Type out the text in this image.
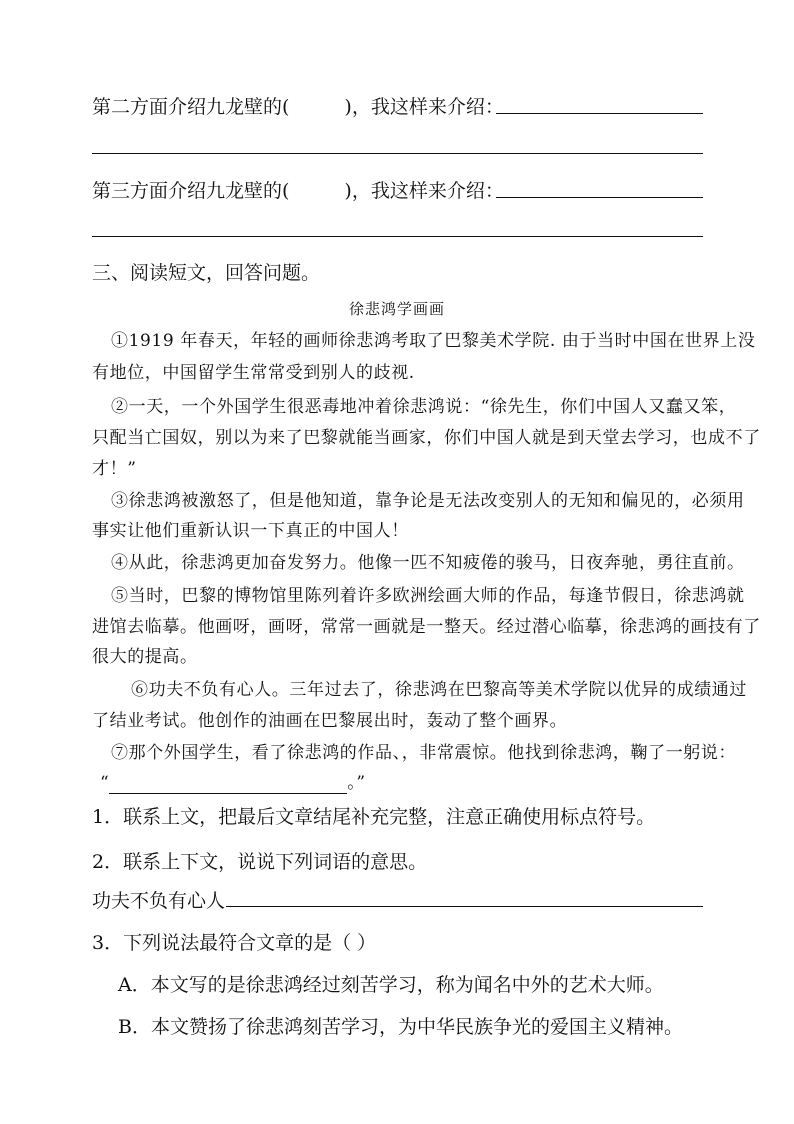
第二方面介绍九龙壁的(	)，我这样来介绍：
第三方面介绍九龙壁的(	)，我这样来介绍：
三、阅读短文，回答问题。
徐悲鸿学画画
①1919 年春天，年轻的画师徐悲鸿考取了巴黎美术学院. 由于当时中国在世界上没
有地位，中国留学生常常受到别人的歧视.
②一天，一个外国学生很恶毒地冲着徐悲鸿说：“徐先生，你们中国人又蠢又笨，
只配当亡国奴，别以为来了巴黎就能当画家，你们中国人就是到天堂去学习，也成不了
才！”
③徐悲鸿被激怒了，但是他知道，靠争论是无法改变别人的无知和偏见的，必须用
事实让他们重新认识一下真正的中国人！
④从此，徐悲鸿更加奋发努力。他像一匹不知疲倦的骏马，日夜奔驰，勇往直前。
⑤当时，巴黎的博物馆里陈列着许多欧洲绘画大师的作品，每逢节假日，徐悲鸿就
进馆去临摹。他画呀，画呀，常常一画就是一整天。经过潜心临摹，徐悲鸿的画技有了
很大的提高。
⑥功夫不负有心人。三年过去了，徐悲鸿在巴黎高等美术学院以优异的成绩通过
了结业考试。他创作的油画在巴黎展出时，轰动了整个画界。
⑦那个外国学生，看了徐悲鸿的作品、，非常震惊。他找到徐悲鸿，鞠了一躬说：
“	。”
1．联系上文，把最后文章结尾补充完整，注意正确使用标点符号。
2．联系上下文，说说下列词语的意思。
功夫不负有心人
3．下列说法最符合文章的是（ ）
A．本文写的是徐悲鸿经过刻苦学习，称为闻名中外的艺术大师。
B．本文赞扬了徐悲鸿刻苦学习，为中华民族争光的爱国主义精神。
